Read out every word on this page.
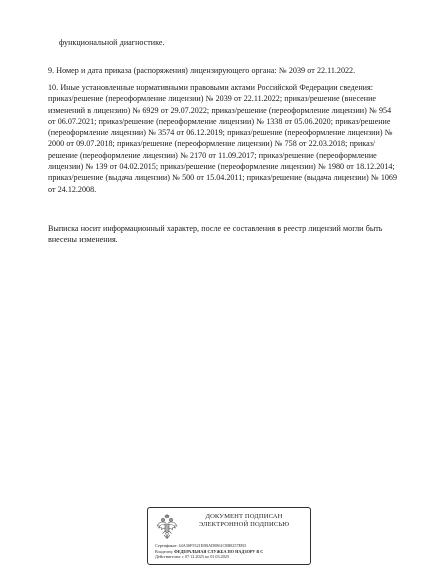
функциональной диагностике.

9. Номер и дата приказа (распоряжения) лицензирующего органа: № 2039 от 22.11.2022.

10. Иные установленные нормативными правовыми актами Российской Федерации сведения: приказ/решение (переоформление лицензии) № 2039 от 22.11.2022; приказ/решение (внесение изменений в лицензию) № 6929 от 29.07.2022; приказ/решение (переоформление лицензии) № 954 от 06.07.2021; приказ/решение (переоформление лицензии) № 1338 от 05.06.2020; приказ/решение (переоформление лицензии) № 3574 от 06.12.2019; приказ/решение (переоформление лицензии) № 2000 от 09.07.2018; приказ/решение (переоформление лицензии) № 758 от 22.03.2018; приказ/решение (переоформление лицензии) № 2170 от 11.09.2017; приказ/решение (переоформление лицензии) № 139 от 04.02.2015; приказ/решение (переоформление лицензии) № 1980 от 18.12.2014; приказ/решение (выдача лицензии) № 500 от 15.04.2011; приказ/решение (выдача лицензии) № 1069 от 24.12.2008.

Выписка носит информационный характер, после ее составления в реестр лицензий могли быть внесены изменения.

ДОКУМЕНТ ПОДПИСАН
ЭЛЕКТРОННОЙ ПОДПИСЬЮ
Сертификат: 44A36F5521E0BAD0861C8B0257EB3
Владелец: ФЕДЕРАЛЬНАЯ СЛУЖБА ПО НАДЗОРУ В С
Действителен: с 07.12.2023 по 01.03.2025
